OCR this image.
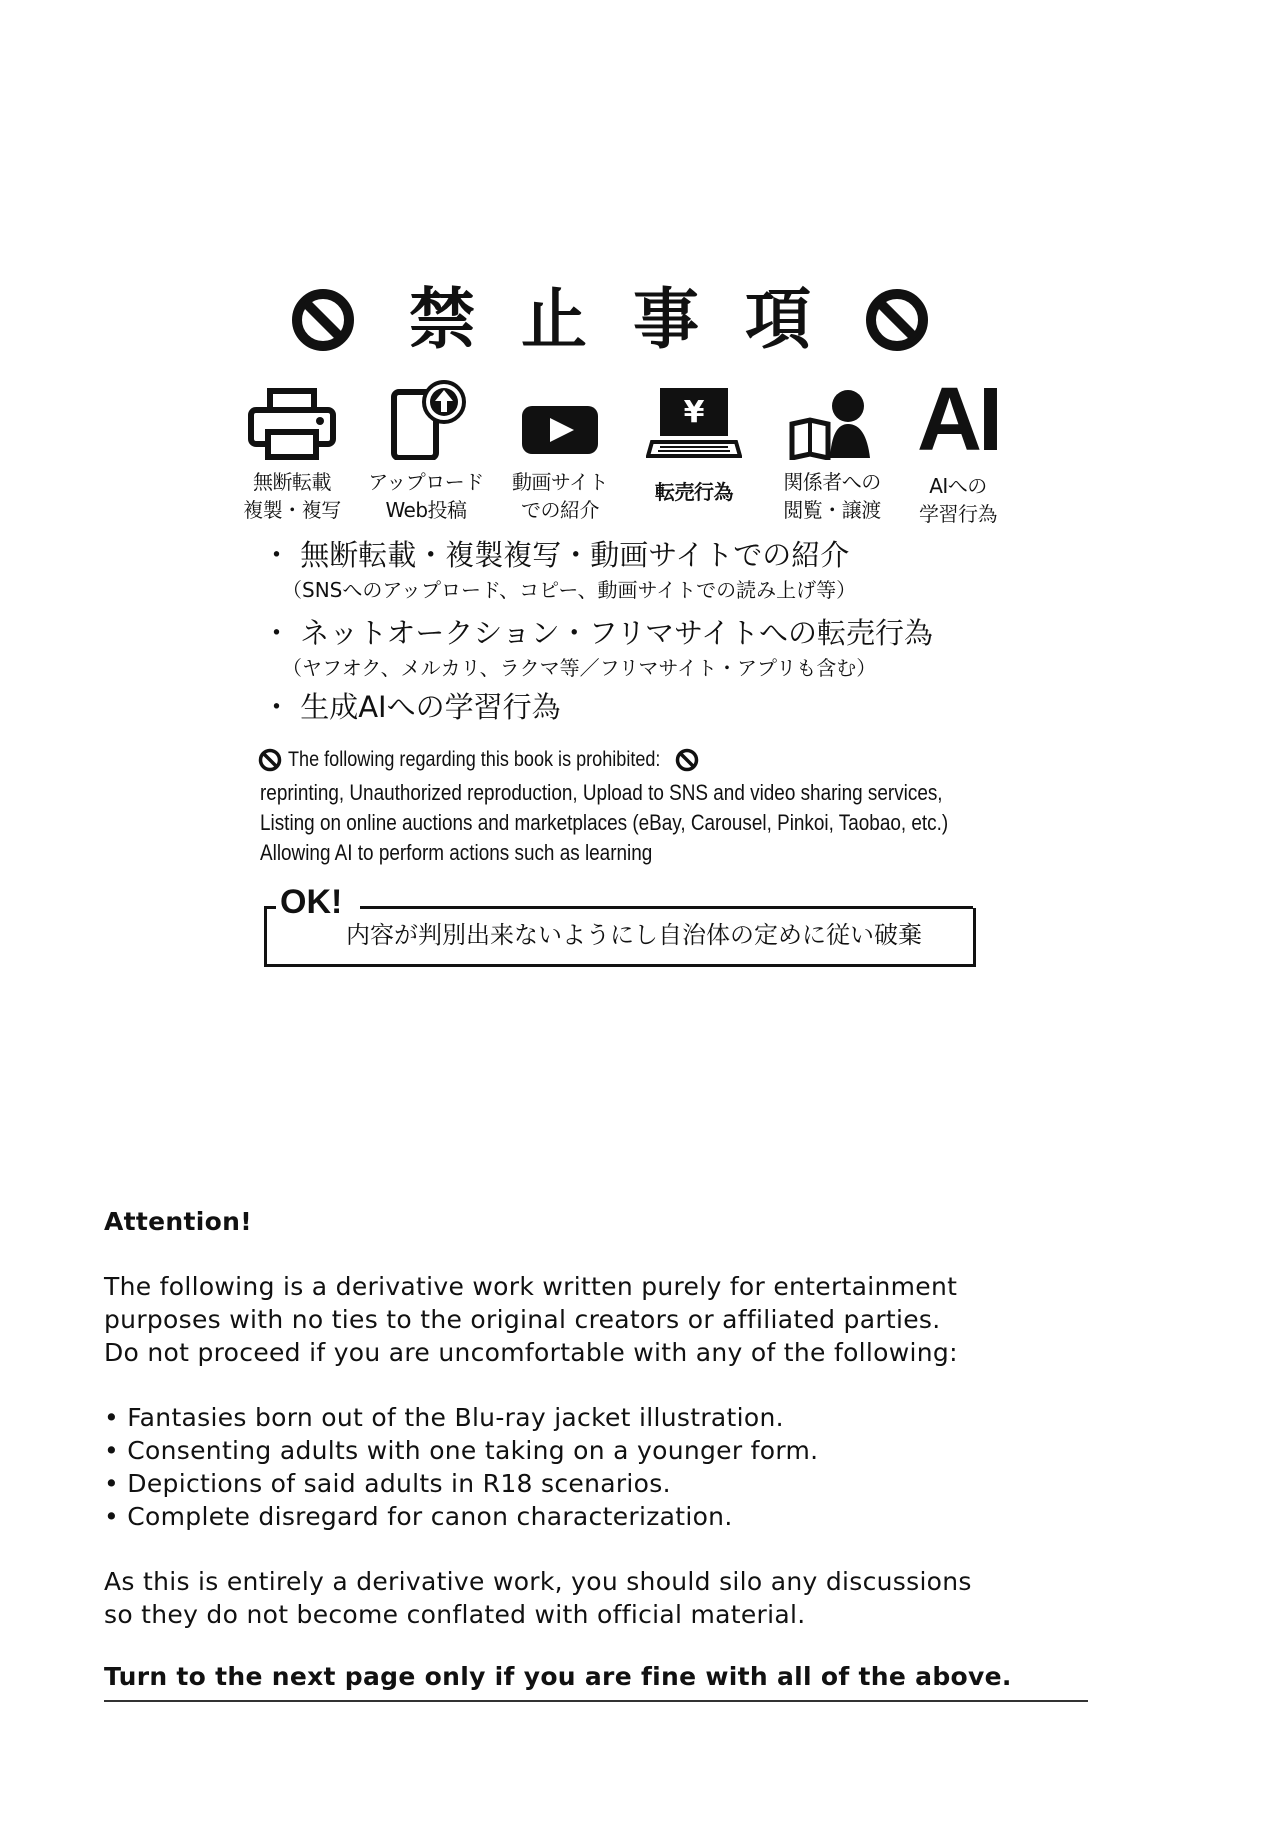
禁止事項
無断転載
複製・複写
アップロード
Web投稿
動画サイト
での紹介
¥
転売行為	関係者への
閲覧・譲渡
AI
AIへの
学習行為
・ 無断転載・複製複写・動画サイトでの紹介
（SNSへのアップロード、コピー、動画サイトでの読み上げ等）
・ ネットオークション・フリマサイトへの転売行為
（ヤフオク、メルカリ、ラクマ等／フリマサイト・アプリも含む）
・ 生成AIへの学習行為
The following regarding this book is prohibited:
reprinting, Unauthorized reproduction, Upload to SNS and video sharing services,
Listing on online auctions and marketplaces (eBay, Carousel, Pinkoi, Taobao, etc.)
Allowing AI to perform actions such as learning
OK!
内容が判別出来ないようにし自治体の定めに従い破棄
Attention!
The following is a derivative work written purely for entertainment
purposes with no ties to the original creators or affiliated parties.
Do not proceed if you are uncomfortable with any of the following:
• Fantasies born out of the Blu-ray jacket illustration.
• Consenting adults with one taking on a younger form.
• Depictions of said adults in R18 scenarios.
• Complete disregard for canon characterization.
As this is entirely a derivative work, you should silo any discussions
so they do not become conflated with official material.
Turn to the next page only if you are fine with all of the above.
